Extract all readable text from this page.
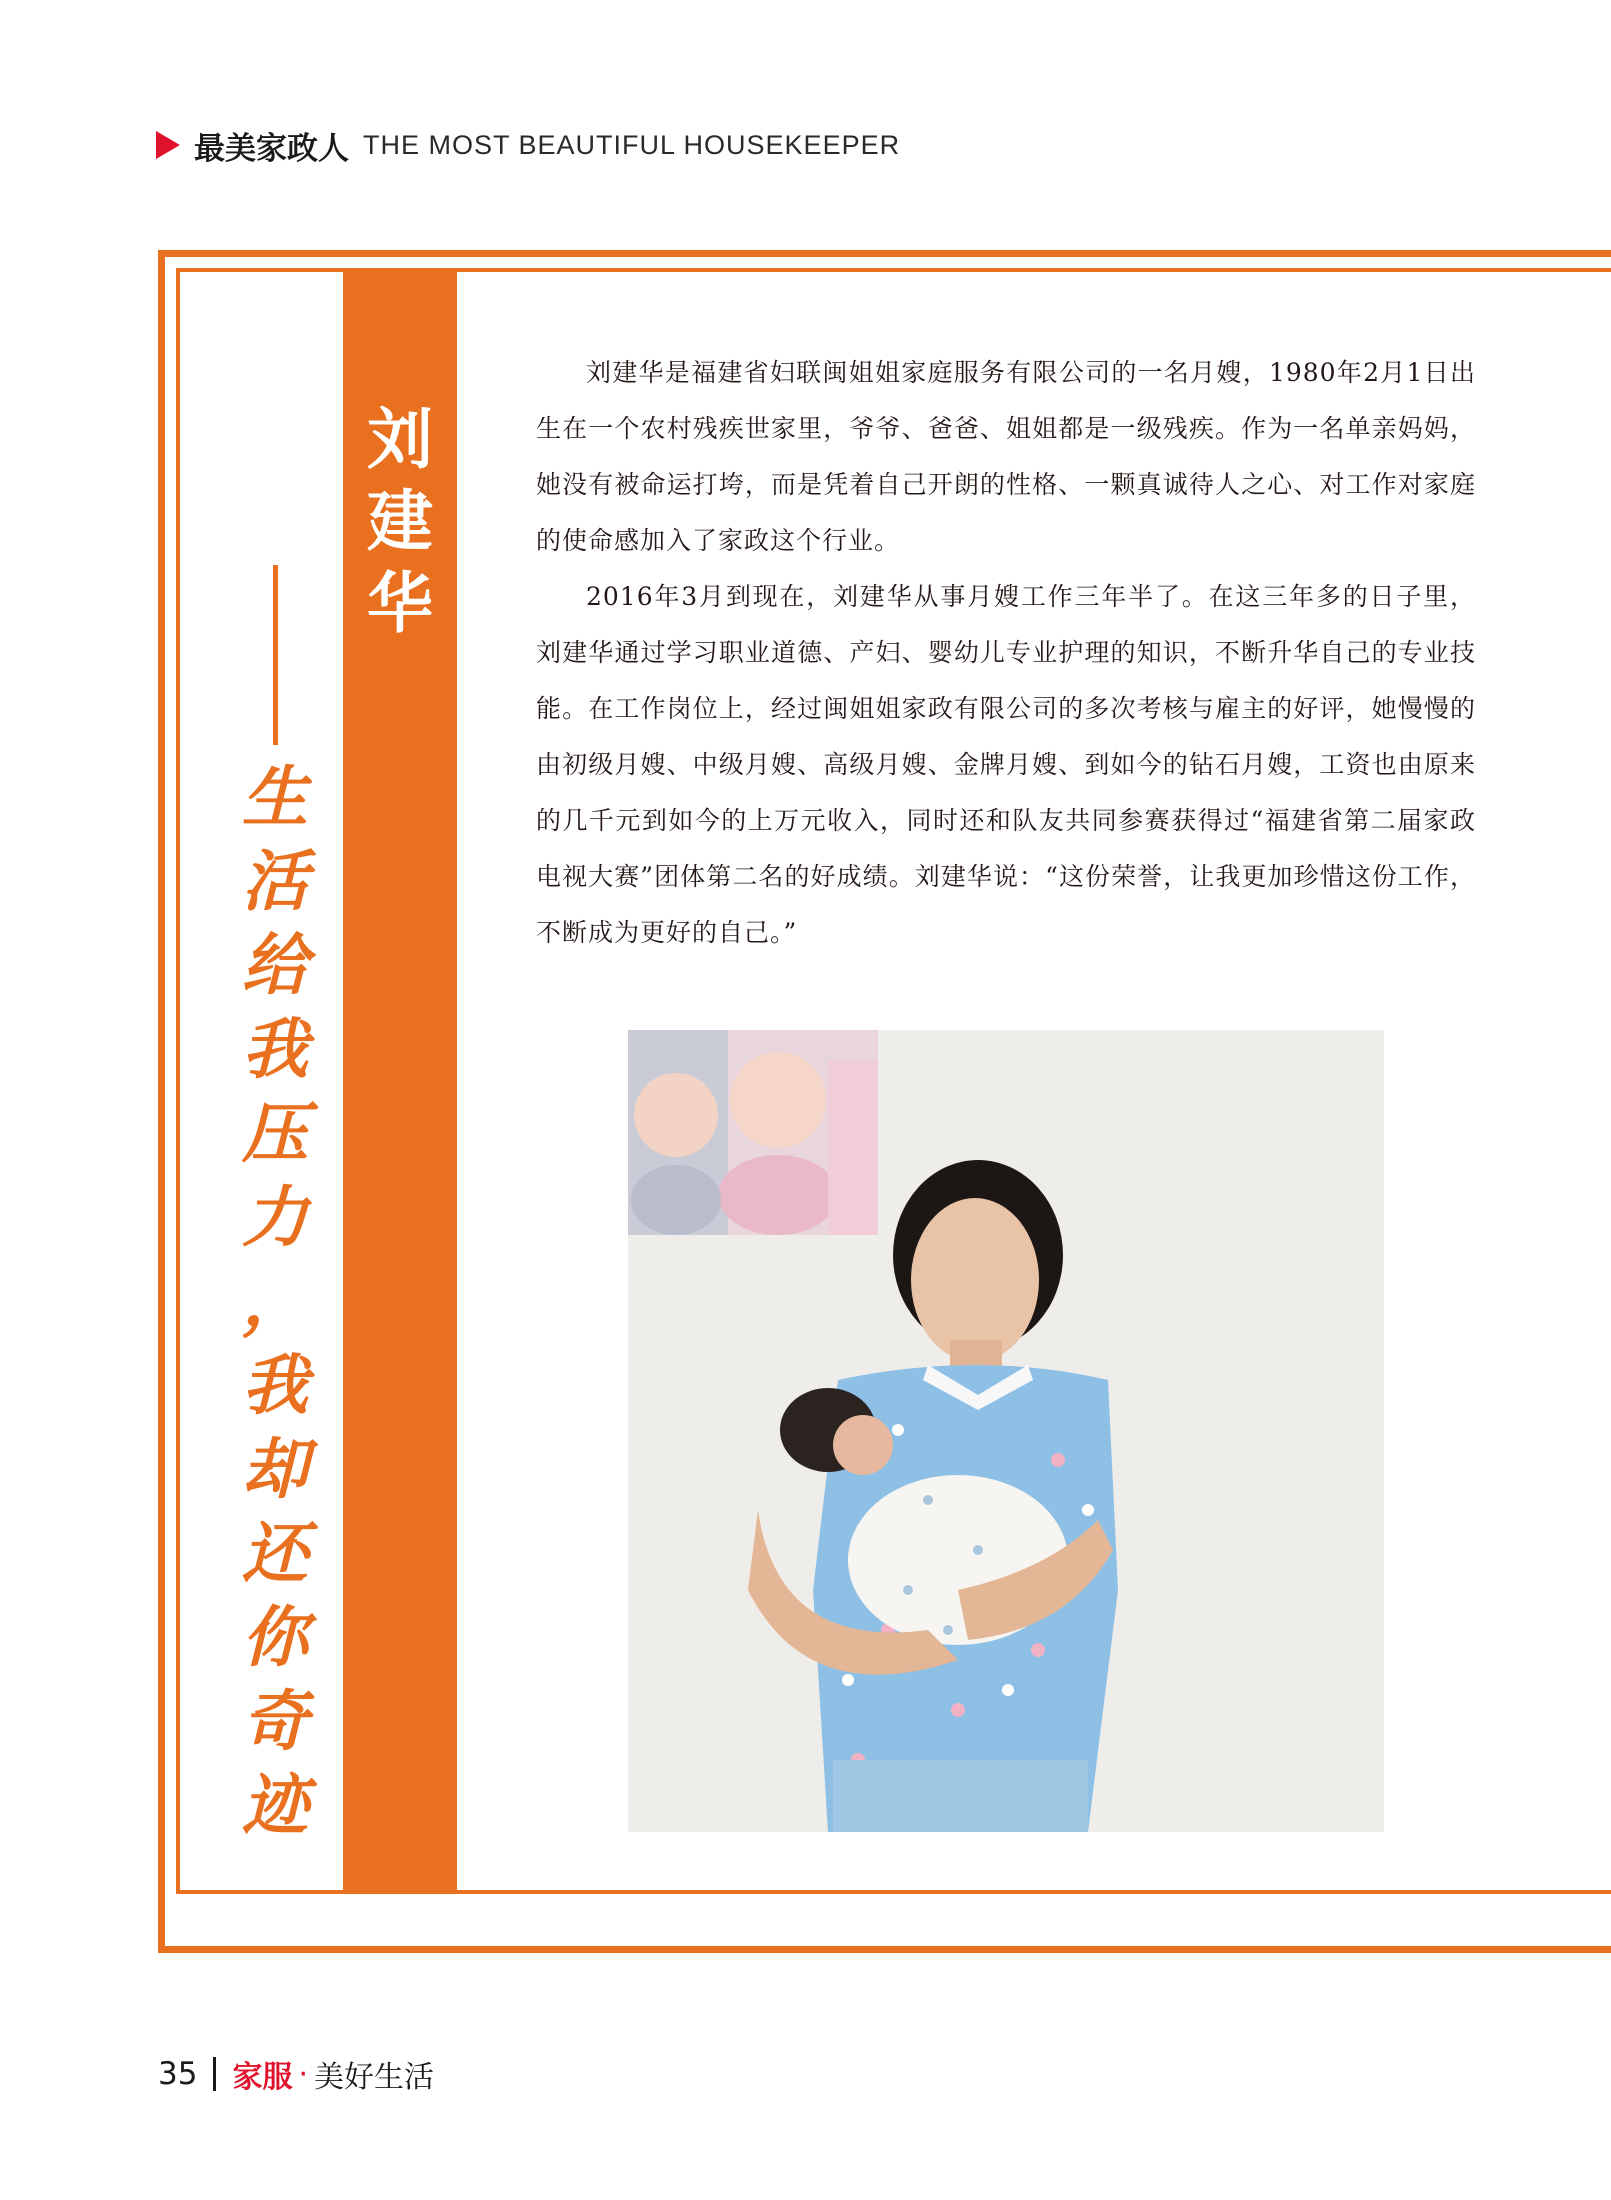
最美家政人 THE MOST BEAUTIFUL HOUSEKEEPER
刘
建
华
生
活
给
我
压
力
，
我
却
还
你
奇
迹

刘建华是福建省妇联闽姐姐家庭服务有限公司的一名月嫂，1980年2月1日出生在一个农村残疾世家里，爷爷、爸爸、姐姐都是一级残疾。作为一名单亲妈妈，她没有被命运打垮，而是凭着自己开朗的性格、一颗真诚待人之心、对工作对家庭的使命感加入了家政这个行业。

2016年3月到现在，刘建华从事月嫂工作三年半了。在这三年多的日子里，刘建华通过学习职业道德、产妇、婴幼儿专业护理的知识，不断升华自己的专业技能。在工作岗位上，经过闽姐姐家政有限公司的多次考核与雇主的好评，她慢慢的由初级月嫂、中级月嫂、高级月嫂、金牌月嫂、到如今的钻石月嫂，工资也由原来的几千元到如今的上万元收入，同时还和队友共同参赛获得过“福建省第二届家政电视大赛”团体第二名的好成绩。刘建华说：“这份荣誉，让我更加珍惜这份工作，不断成为更好的自己。”

35 家服 · 美好生活
